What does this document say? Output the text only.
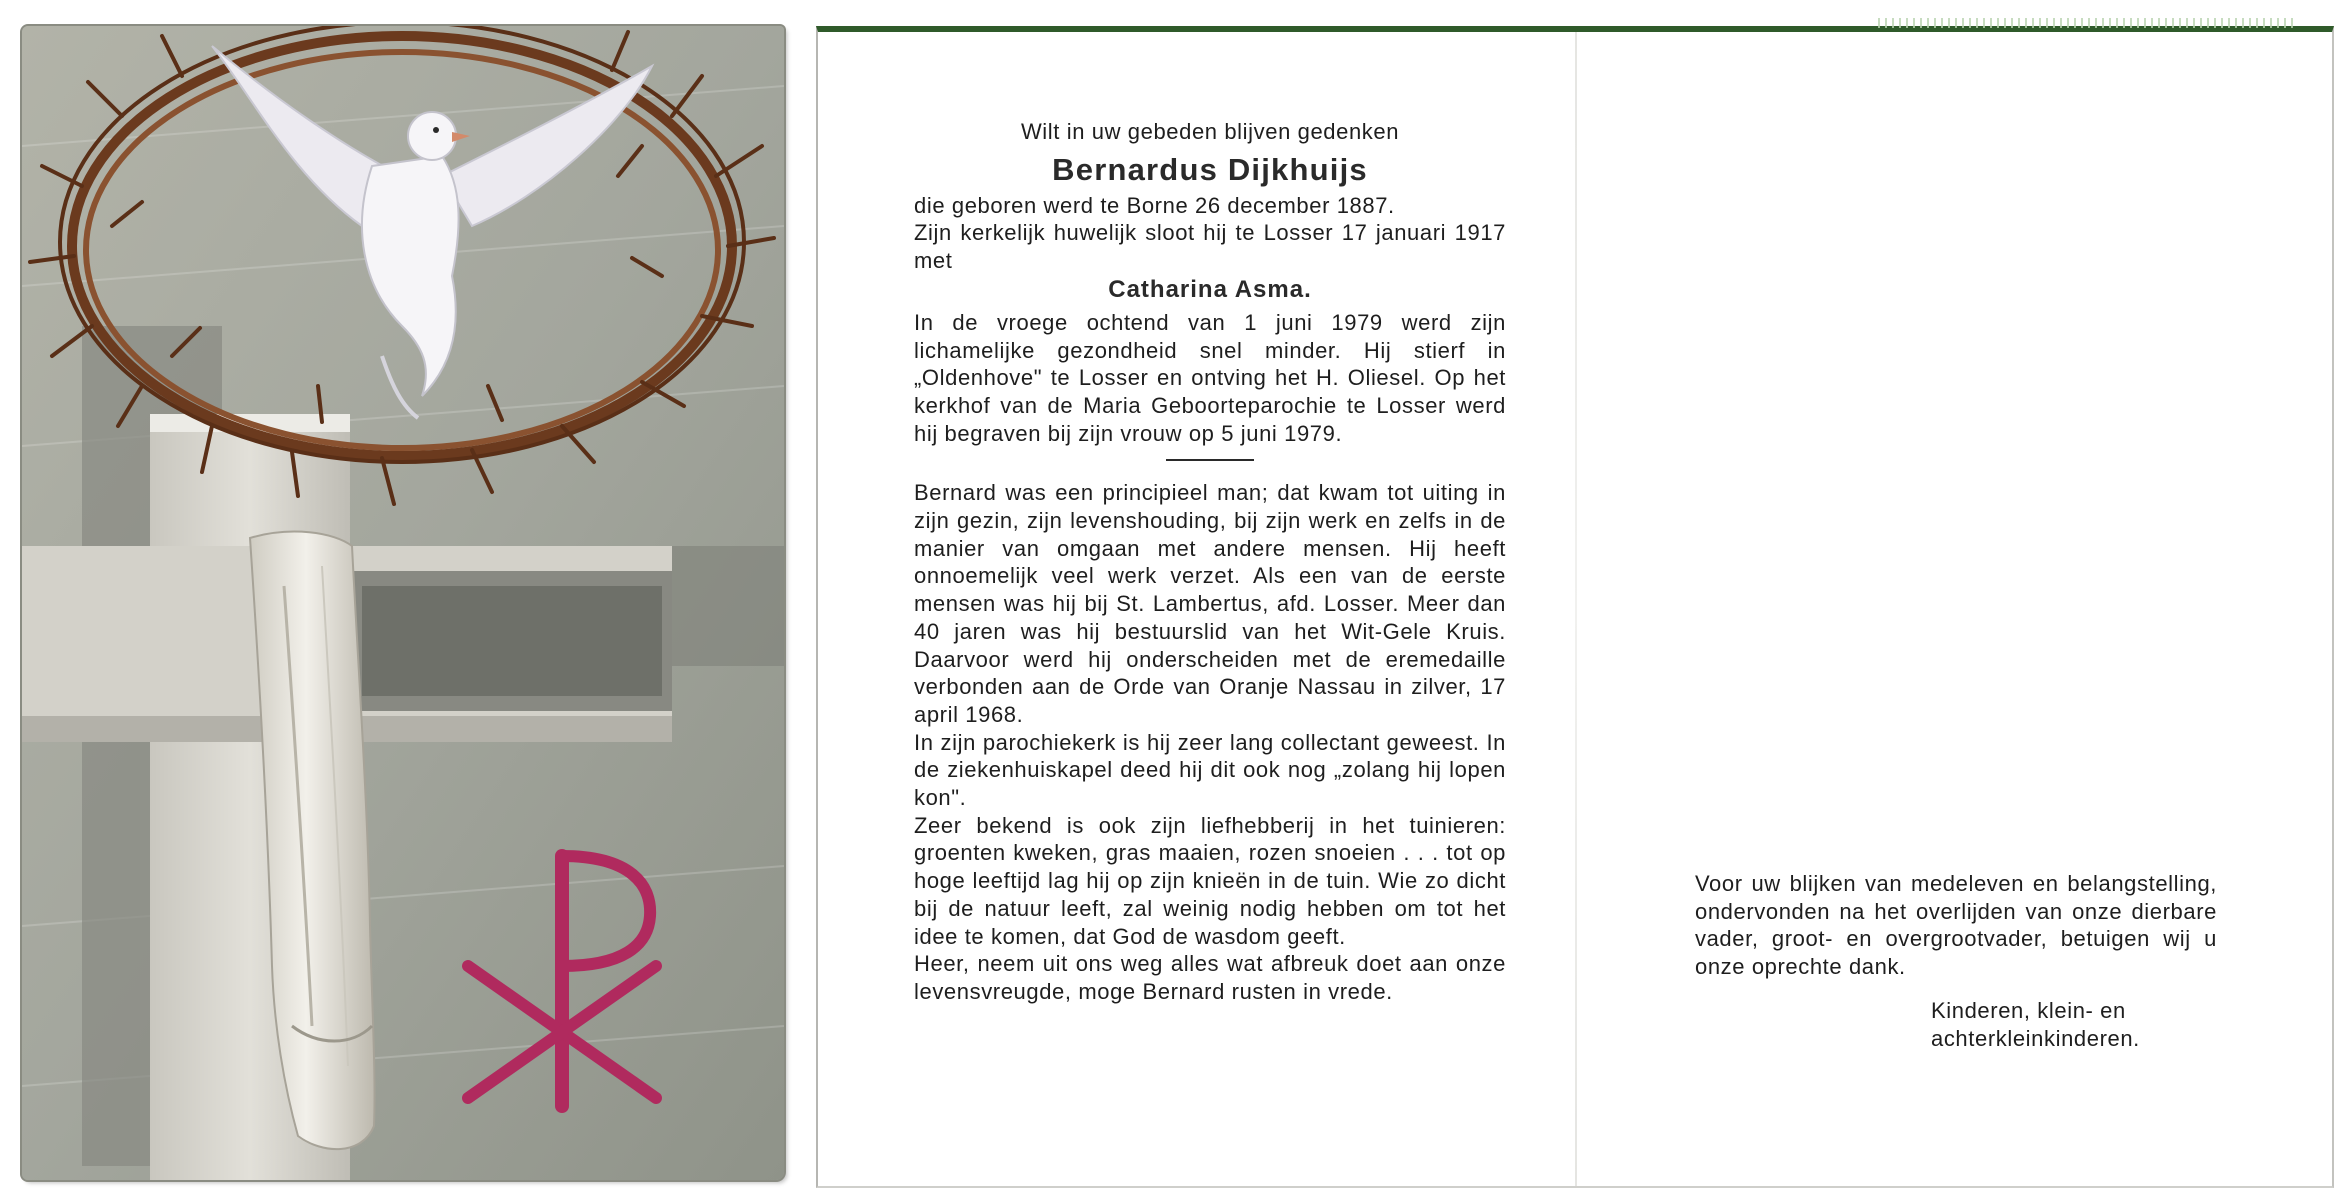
Wilt in uw gebeden blijven gedenken

Bernardus Dijkhuijs

die geboren werd te Borne 26 december 1887.

Zijn kerkelijk huwelijk sloot hij te Losser 17 januari 1917 met

Catharina Asma.

In de vroege ochtend van 1 juni 1979 werd zijn lichamelijke gezondheid snel minder. Hij stierf in „Oldenhove" te Losser en ontving het H. Oliesel. Op het kerkhof van de Maria Geboorteparochie te Losser werd hij begraven bij zijn vrouw op 5 juni 1979.

Bernard was een principieel man; dat kwam tot uiting in zijn gezin, zijn levenshouding, bij zijn werk en zelfs in de manier van omgaan met andere mensen. Hij heeft onnoemelijk veel werk verzet. Als een van de eerste mensen was hij bij St. Lambertus, afd. Losser. Meer dan 40 jaren was hij bestuurslid van het Wit-Gele Kruis. Daarvoor werd hij onderscheiden met de eremedaille verbonden aan de Orde van Oranje Nassau in zilver, 17 april 1968.

In zijn parochiekerk is hij zeer lang collectant geweest. In de ziekenhuiskapel deed hij dit ook nog „zolang hij lopen kon".

Zeer bekend is ook zijn liefhebberij in het tuinieren: groenten kweken, gras maaien, rozen snoeien . . . tot op hoge leeftijd lag hij op zijn knieën in de tuin. Wie zo dicht bij de natuur leeft, zal weinig nodig hebben om tot het idee te komen, dat God de wasdom geeft.

Heer, neem uit ons weg alles wat afbreuk doet aan onze levensvreugde, moge Bernard rusten in vrede.

Voor uw blijken van medeleven en belangstelling, ondervonden na het overlijden van onze dierbare vader, groot- en overgrootvader, betuigen wij u onze oprechte dank.

Kinderen, klein- en
achterkleinkinderen.
